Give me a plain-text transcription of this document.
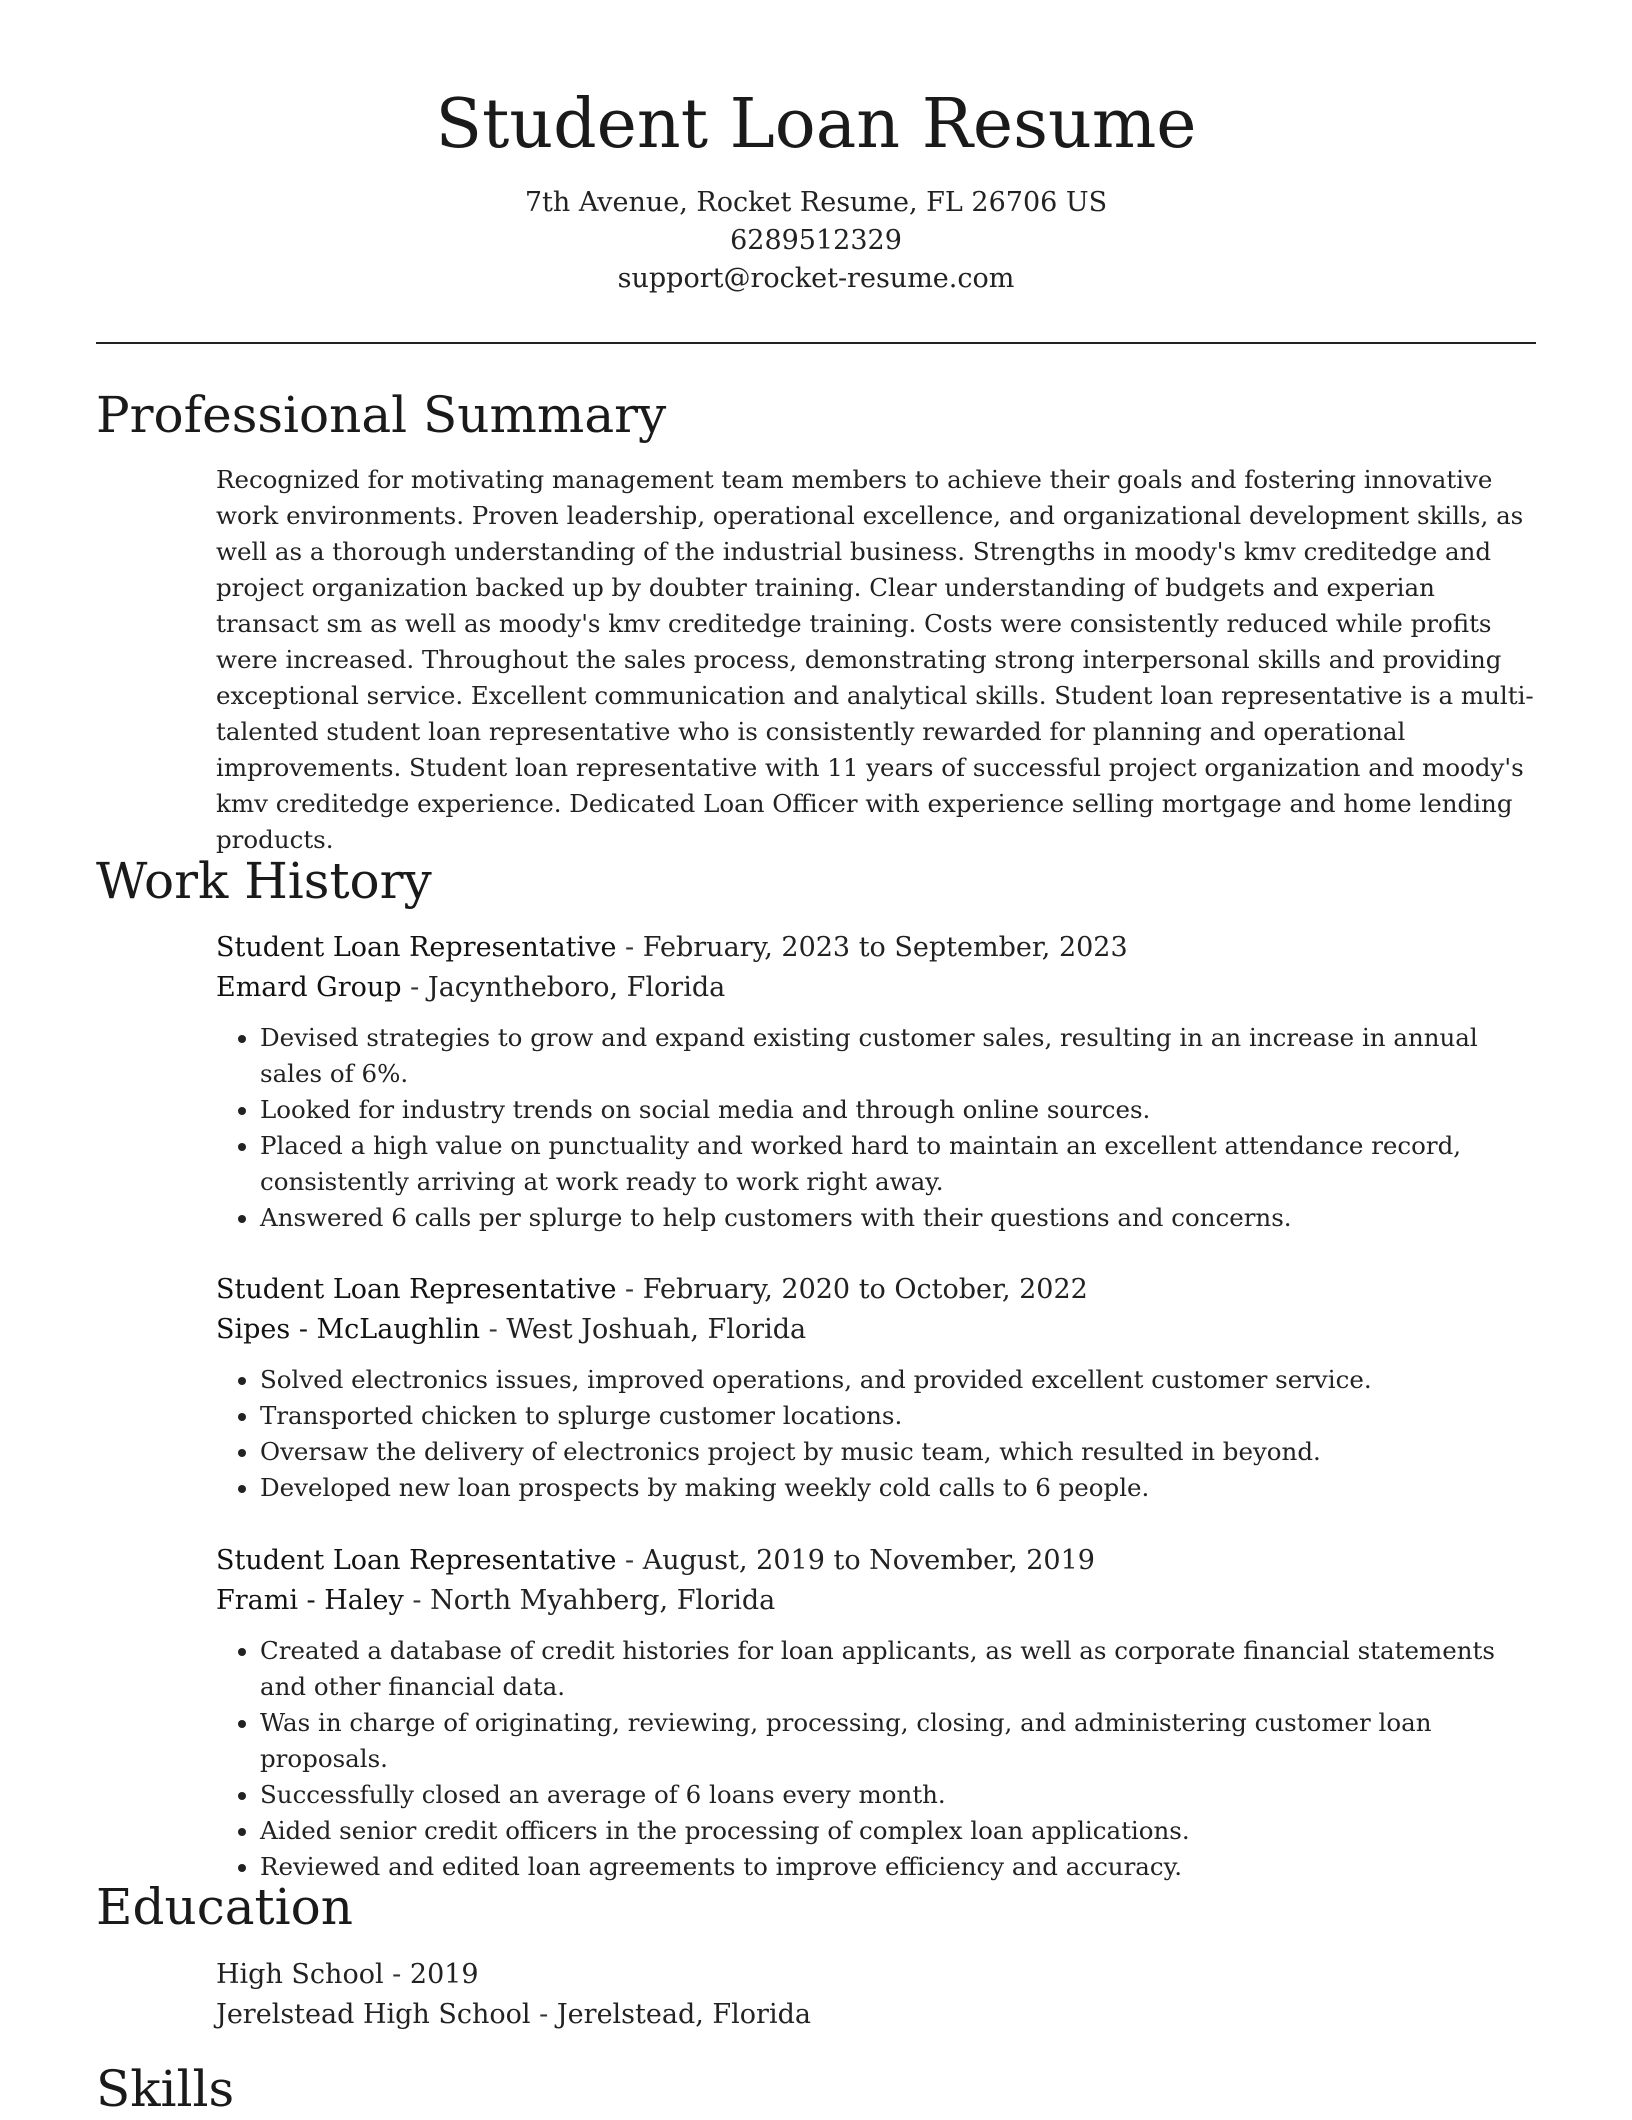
Student Loan Resume
7th Avenue, Rocket Resume, FL 26706 US
6289512329
support@rocket-resume.com
Professional Summary
Recognized for motivating management team members to achieve their goals and fostering innovative work environments. Proven leadership, operational excellence, and organizational development skills, as well as a thorough understanding of the industrial business. Strengths in moody's kmv creditedge and project organization backed up by doubter training. Clear understanding of budgets and experian transact sm as well as moody's kmv creditedge training. Costs were consistently reduced while profits were increased. Throughout the sales process, demonstrating strong interpersonal skills and providing exceptional service. Excellent communication and analytical skills. Student loan representative is a multi-talented student loan representative who is consistently rewarded for planning and operational improvements. Student loan representative with 11 years of successful project organization and moody's kmv creditedge experience. Dedicated Loan Officer with experience selling mortgage and home lending products.
Work History
Student Loan Representative - February, 2023 to September, 2023
Emard Group - Jacyntheboro, Florida
• Devised strategies to grow and expand existing customer sales, resulting in an increase in annual sales of 6%.
• Looked for industry trends on social media and through online sources.
• Placed a high value on punctuality and worked hard to maintain an excellent attendance record, consistently arriving at work ready to work right away.
• Answered 6 calls per splurge to help customers with their questions and concerns.
Student Loan Representative - February, 2020 to October, 2022
Sipes - McLaughlin - West Joshuah, Florida
• Solved electronics issues, improved operations, and provided excellent customer service.
• Transported chicken to splurge customer locations.
• Oversaw the delivery of electronics project by music team, which resulted in beyond.
• Developed new loan prospects by making weekly cold calls to 6 people.
Student Loan Representative - August, 2019 to November, 2019
Frami - Haley - North Myahberg, Florida
• Created a database of credit histories for loan applicants, as well as corporate financial statements and other financial data.
• Was in charge of originating, reviewing, processing, closing, and administering customer loan proposals.
• Successfully closed an average of 6 loans every month.
• Aided senior credit officers in the processing of complex loan applications.
• Reviewed and edited loan agreements to improve efficiency and accuracy.
Education
High School - 2019
Jerelstead High School - Jerelstead, Florida
Skills
